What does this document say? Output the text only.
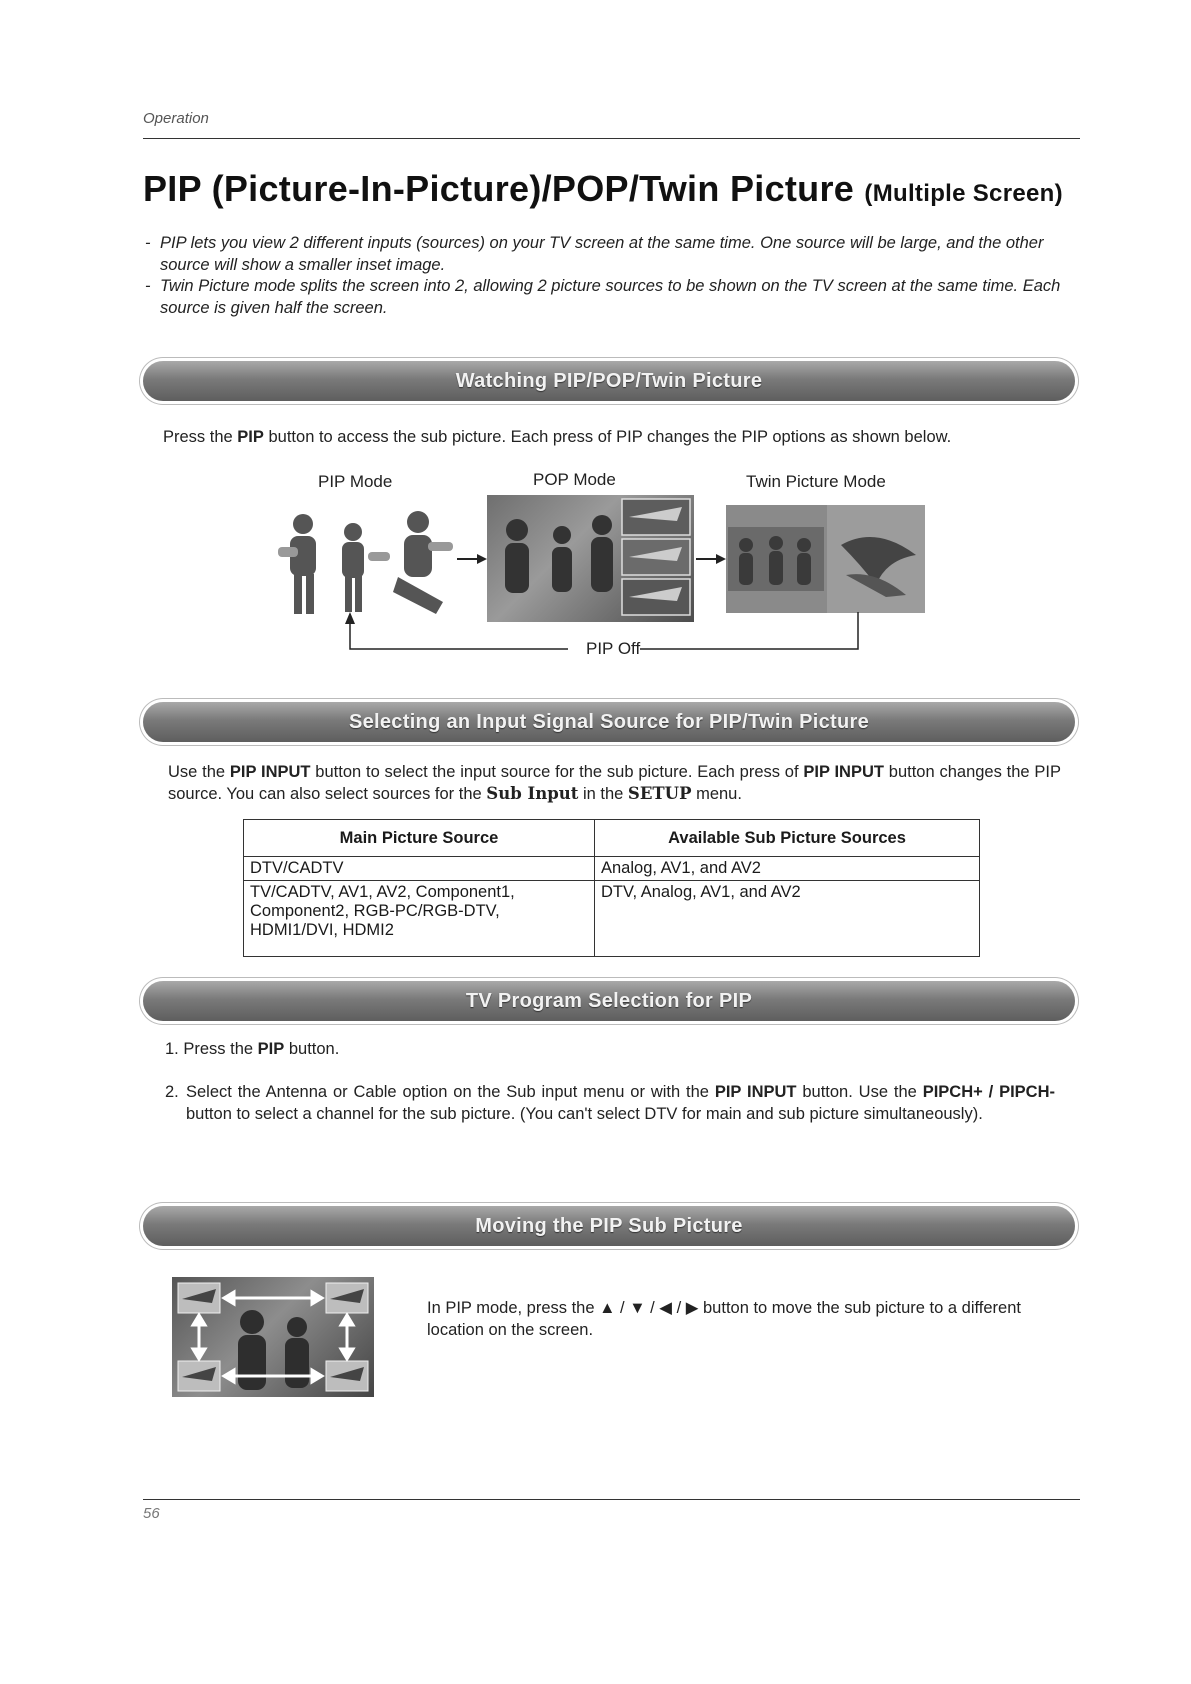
Operation
PIP (Picture-In-Picture)/POP/Twin Picture (Multiple Screen)
- PIP lets you view 2 different inputs (sources) on your TV screen at the same time. One source will be large, and the other source will show a smaller inset image.
- Twin Picture mode splits the screen into 2, allowing 2 picture sources to be shown on the TV screen at the same time. Each source is given half the screen.
Watching PIP/POP/Twin Picture
Press the PIP button to access the sub picture. Each press of PIP changes the PIP options as shown below.
PIP Mode	POP Mode	Twin Picture Mode
PIP Off
Selecting an Input Signal Source for PIP/Twin Picture
Use the PIP INPUT button to select the input source for the sub picture. Each press of PIP INPUT button changes the PIP source. You can also select sources for the Sub Input in the SETUP menu.
Main Picture Source	Available Sub Picture Sources
DTV/CADTV	Analog, AV1, and AV2
TV/CADTV, AV1, AV2, Component1, Component2, RGB-PC/RGB-DTV, HDMI1/DVI, HDMI2	DTV, Analog, AV1, and AV2
TV Program Selection for PIP
1. Press the PIP button.
2. Select the Antenna or Cable option on the Sub input menu or with the PIP INPUT button. Use the PIPCH+ / PIPCH- button to select a channel for the sub picture. (You can't select DTV for main and sub picture simultaneously).
Moving the PIP Sub Picture
In PIP mode, press the ▲ / ▼ / ◀ / ▶ button to move the sub picture to a different location on the screen.
56
